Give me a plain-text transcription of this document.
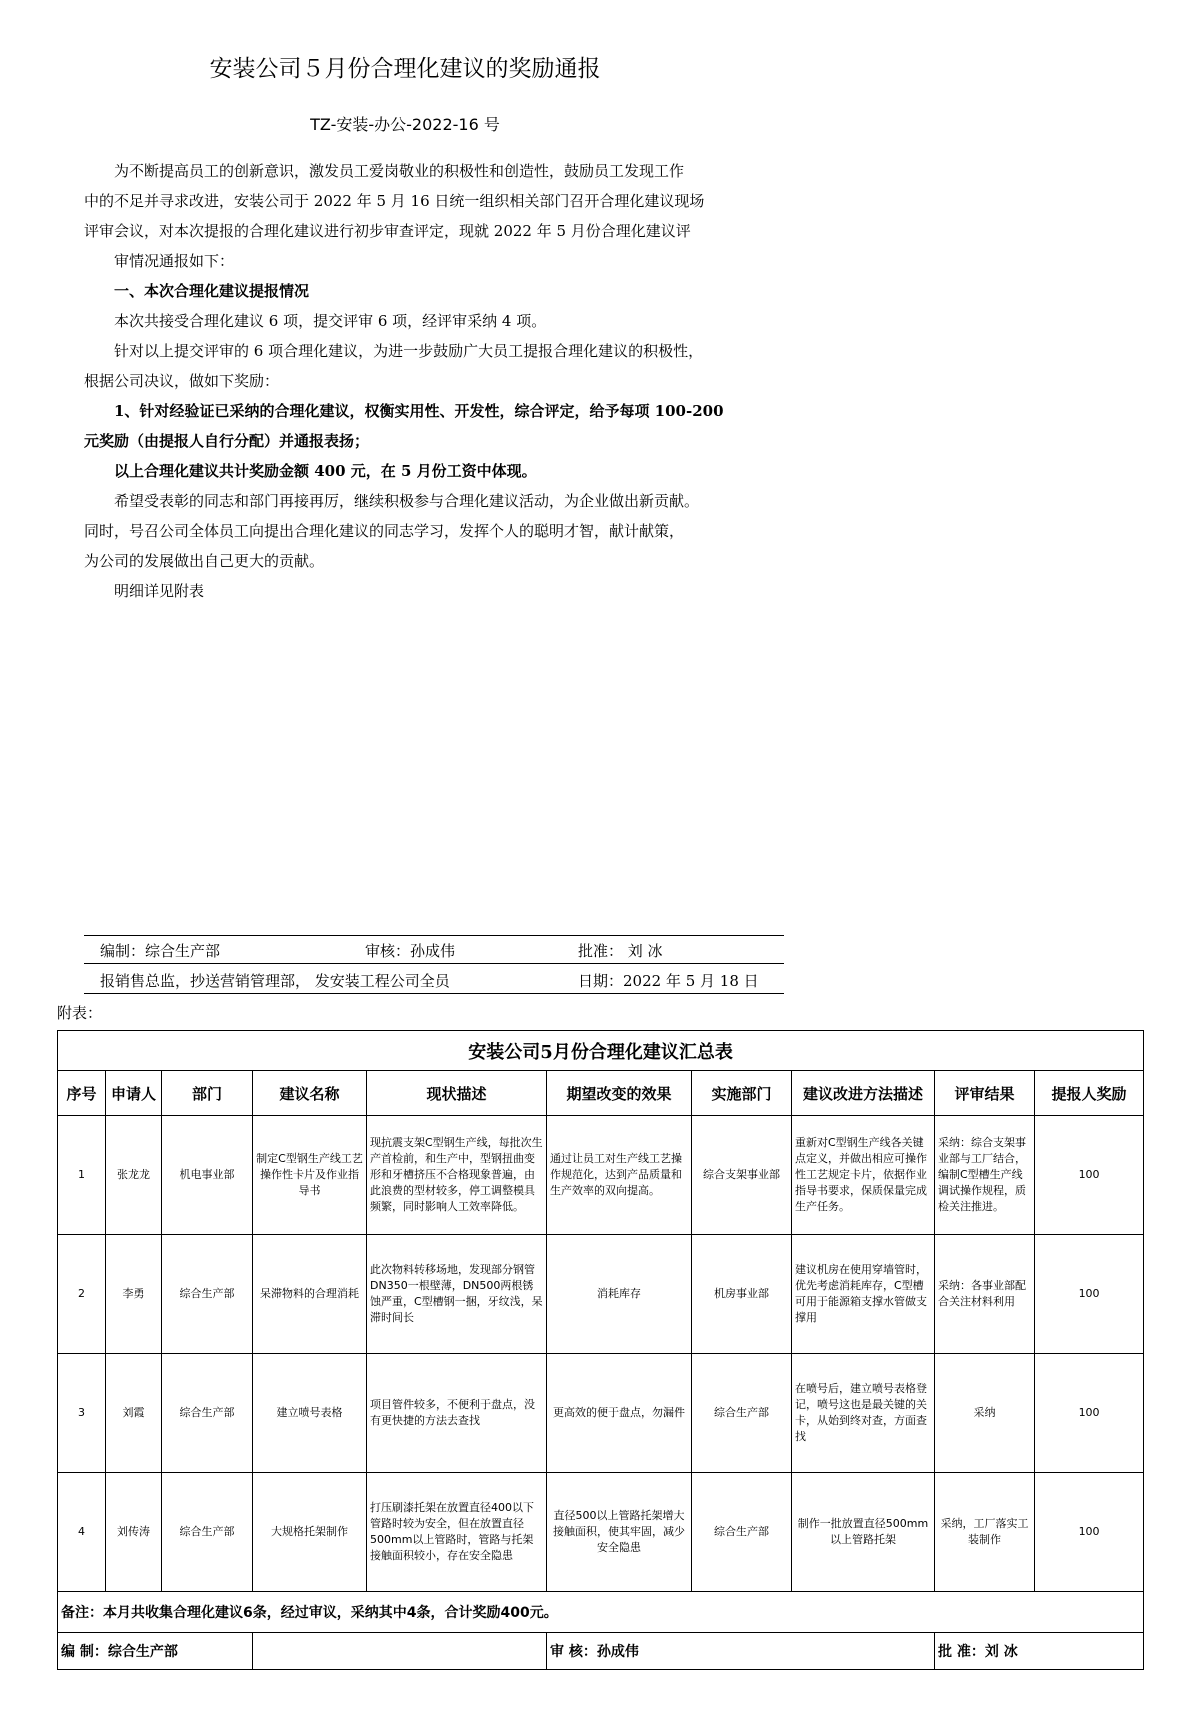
安装公司５月份合理化建议的奖励通报
TZ-安装-办公-2022-16 号
为不断提高员工的创新意识，激发员工爱岗敬业的积极性和创造性，鼓励员工发现工作
中的不足并寻求改进，安装公司于 2022 年 5 月 16 日统一组织相关部门召开合理化建议现场
评审会议，对本次提报的合理化建议进行初步审查评定，现就 2022 年 5 月份合理化建议评
审情况通报如下：
一、本次合理化建议提报情况
本次共接受合理化建议 6 项，提交评审 6 项，经评审采纳 4 项。
针对以上提交评审的 6 项合理化建议，为进一步鼓励广大员工提报合理化建议的积极性，
根据公司决议，做如下奖励：
1、针对经验证已采纳的合理化建议，权衡实用性、开发性，综合评定，给予每项 100-200
元奖励（由提报人自行分配）并通报表扬；
以上合理化建议共计奖励金额 400 元，在 5 月份工资中体现。
希望受表彰的同志和部门再接再厉，继续积极参与合理化建议活动，为企业做出新贡献。
同时，号召公司全体员工向提出合理化建议的同志学习，发挥个人的聪明才智，献计献策，
为公司的发展做出自己更大的贡献。
明细详见附表
编制：综合生产部	审核：孙成伟	批准： 刘 冰
报销售总监，抄送营销管理部， 发安装工程公司全员	日期：2022 年 5 月 18 日
附表：
安装公司5月份合理化建议汇总表									
序号	申请人	部门	建议名称	现状描述	期望改变的效果	实施部门	建议改进方法描述	评审结果	提报人奖励
1	张龙龙	机电事业部	制定C型钢生产线工艺操作性卡片及作业指导书	现抗震支架C型钢生产线，每批次生产首检前，和生产中，型钢扭曲变形和牙槽挤压不合格现象普遍，由此浪费的型材较多，停工调整模具频繁，同时影响人工效率降低。	通过让员工对生产线工艺操作规范化，达到产品质量和生产效率的双向提高。	综合支架事业部	重新对C型钢生产线各关键点定义，并做出相应可操作性工艺规定卡片，依据作业指导书要求，保质保量完成生产任务。	采纳：综合支架事业部与工厂结合，编制C型槽生产线调试操作规程，质检关注推进。	100
2	李勇	综合生产部	呆滞物料的合理消耗	此次物料转移场地，发现部分钢管DN350一根壁薄，DN500两根锈蚀严重，C型槽钢一捆，牙纹浅，呆滞时间长	消耗库存	机房事业部	建议机房在使用穿墙管时，优先考虑消耗库存，C型槽可用于能源箱支撑水管做支撑用	采纳：各事业部配合关注材料利用	100
3	刘霞	综合生产部	建立喷号表格	项目管件较多，不便利于盘点，没有更快捷的方法去查找	更高效的便于盘点，勿漏件	综合生产部	在喷号后，建立喷号表格登记，喷号这也是最关键的关卡，从始到终对查，方面查找	采纳	100
4	刘传涛	综合生产部	大规格托架制作	打压刷漆托架在放置直径400以下管路时较为安全，但在放置直径500mm以上管路时，管路与托架接触面积较小，存在安全隐患	直径500以上管路托架增大接触面积，使其牢固，减少安全隐患	综合生产部	制作一批放置直径500mm以上管路托架	采纳，工厂落实工装制作	100
备注：本月共收集合理化建议6条，经过审议，采纳其中4条，合计奖励400元。									
编 制：综合生产部					审 核：孙成伟			批 准：刘 冰	
